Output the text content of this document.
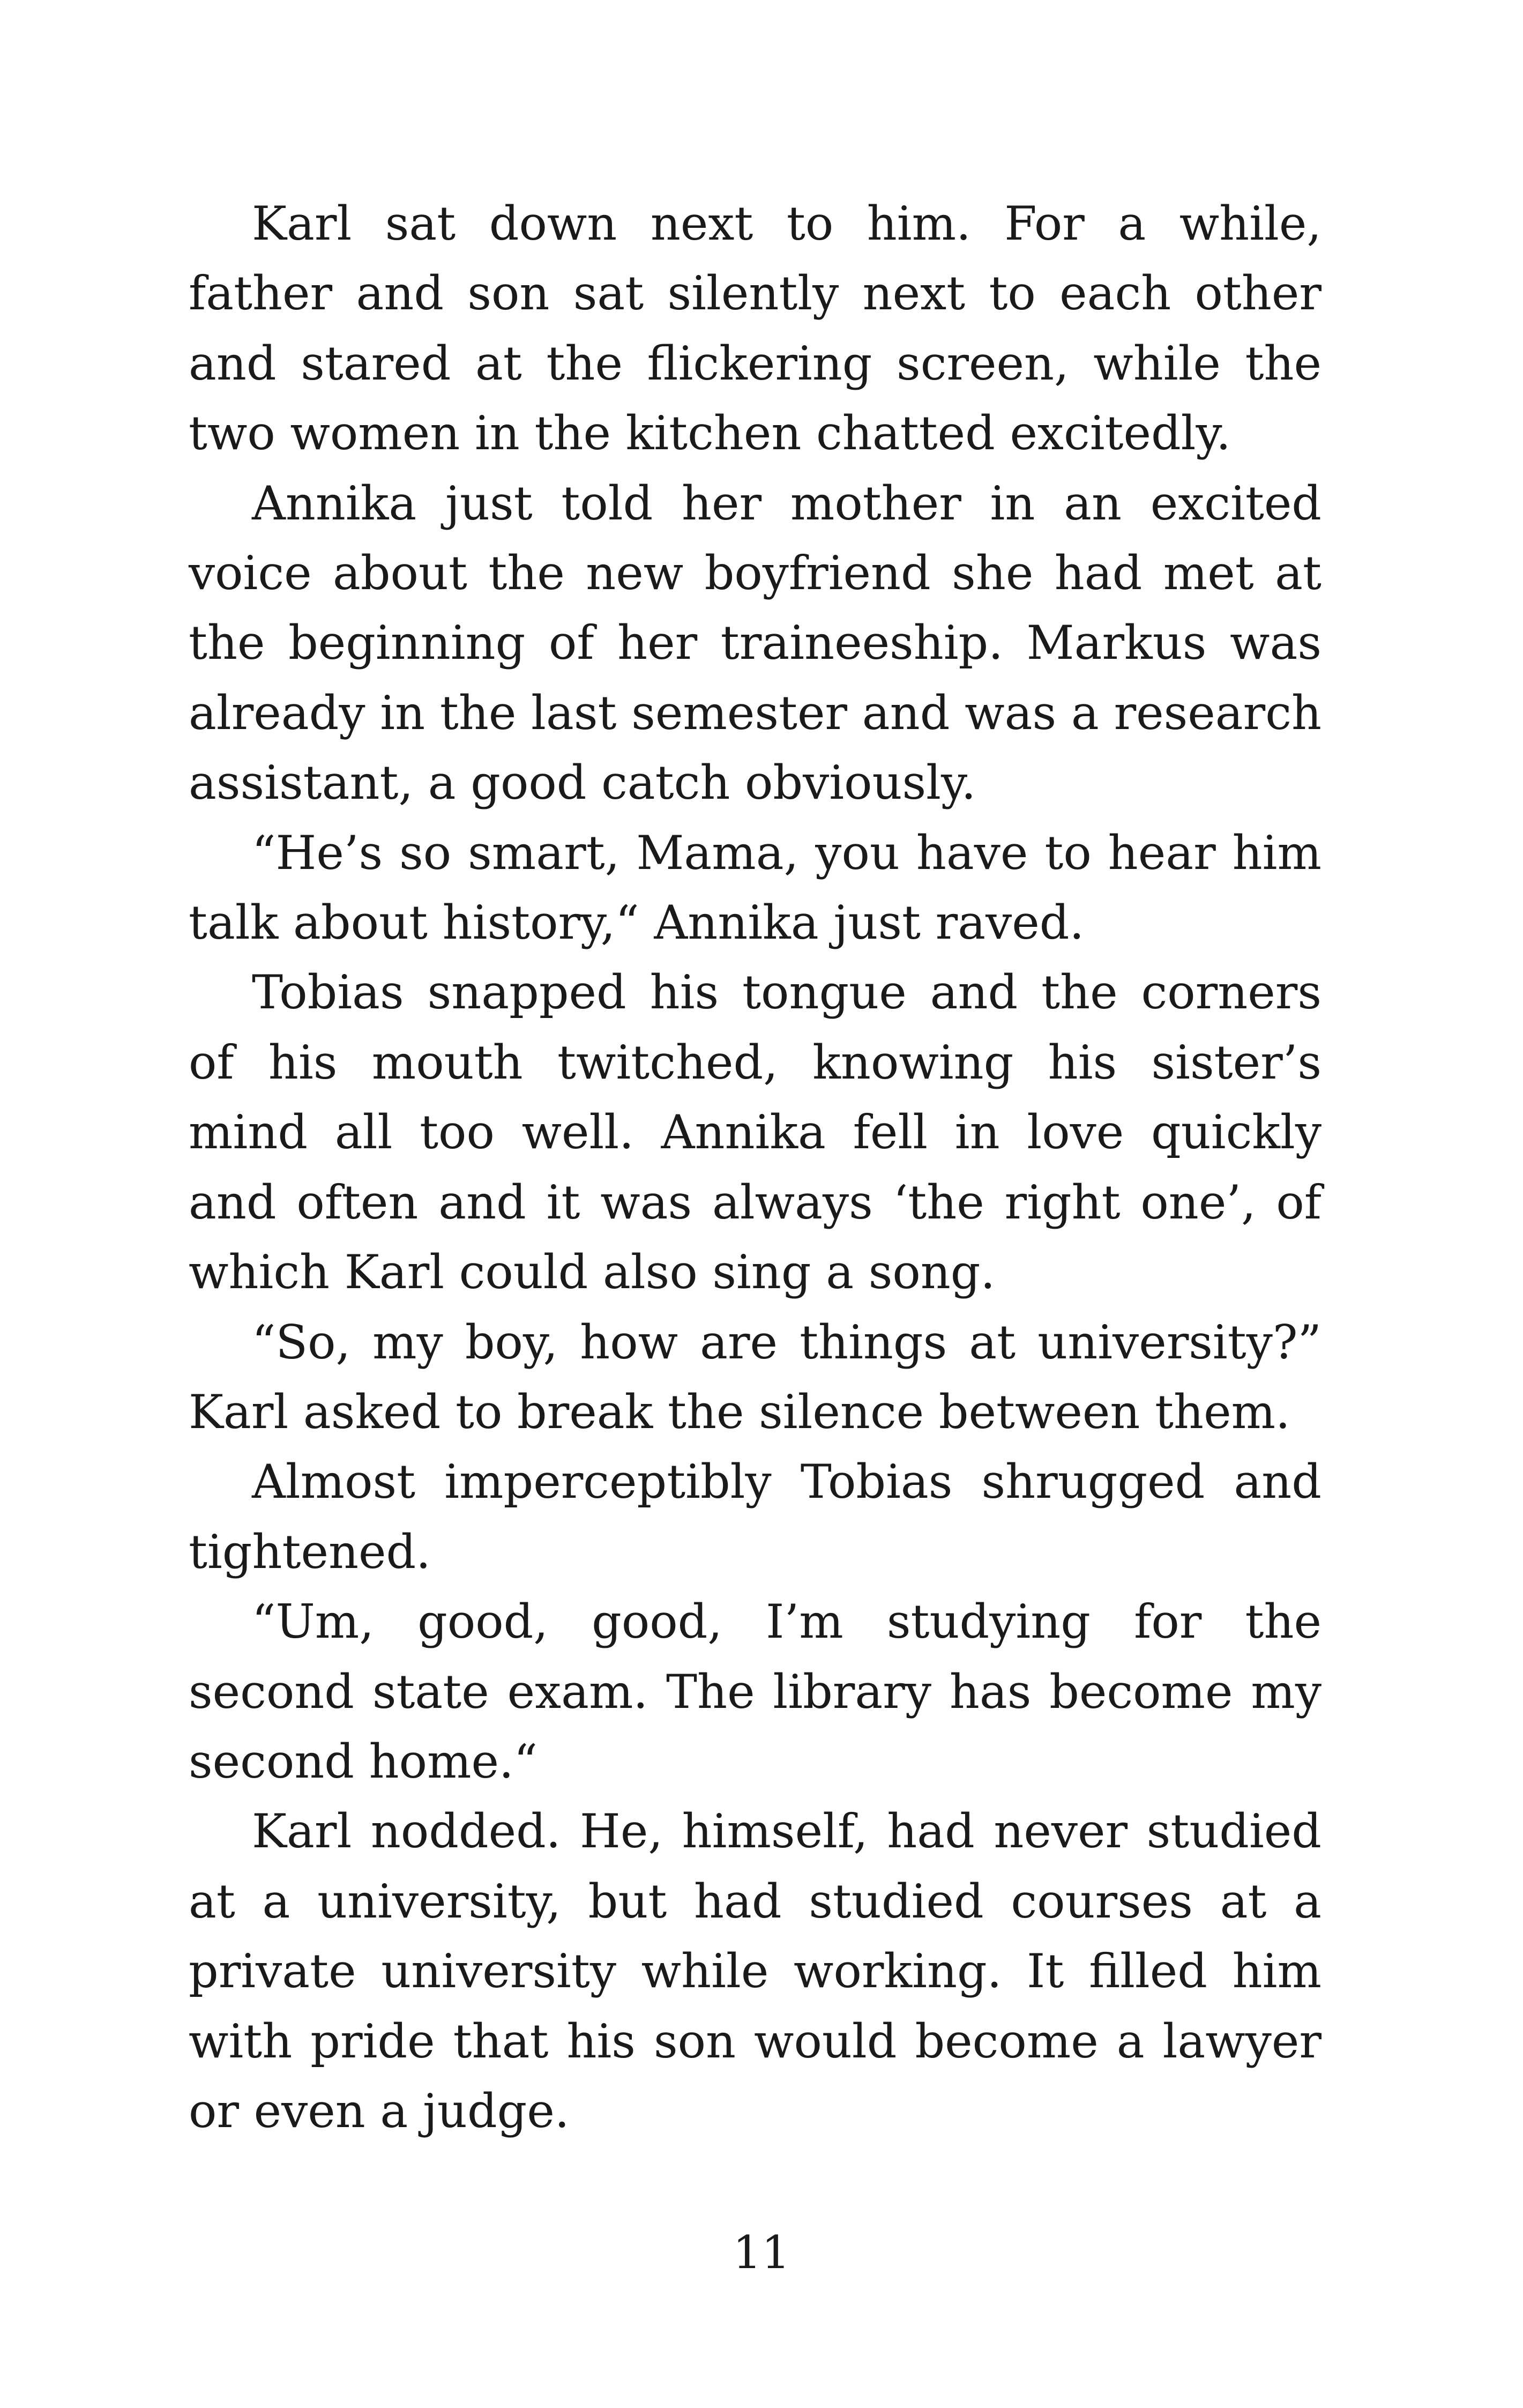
Karl sat down next to him. For a while, father and son sat silently next to each other and stared at the flickering screen, while the two women in the kitchen chatted excitedly.

Annika just told her mother in an excited voice about the new boyfriend she had met at the beginning of her traineeship. Markus was already in the last semester and was a research assistant, a good catch obviously.

“He’s so smart, Mama, you have to hear him talk about history,“ Annika just raved.

Tobias snapped his tongue and the corners of his mouth twitched, knowing his sister’s mind all too well. Annika fell in love quickly and often and it was always ‘the right one’, of which Karl could also sing a song.

“So, my boy, how are things at university?” Karl asked to break the silence between them.

Almost imperceptibly Tobias shrugged and tightened.

“Um, good, good, I’m studying for the second state exam. The library has become my second home.“

Karl nodded. He, himself, had never studied at a university, but had studied courses at a private university while working. It filled him with pride that his son would become a lawyer or even a judge.

11
